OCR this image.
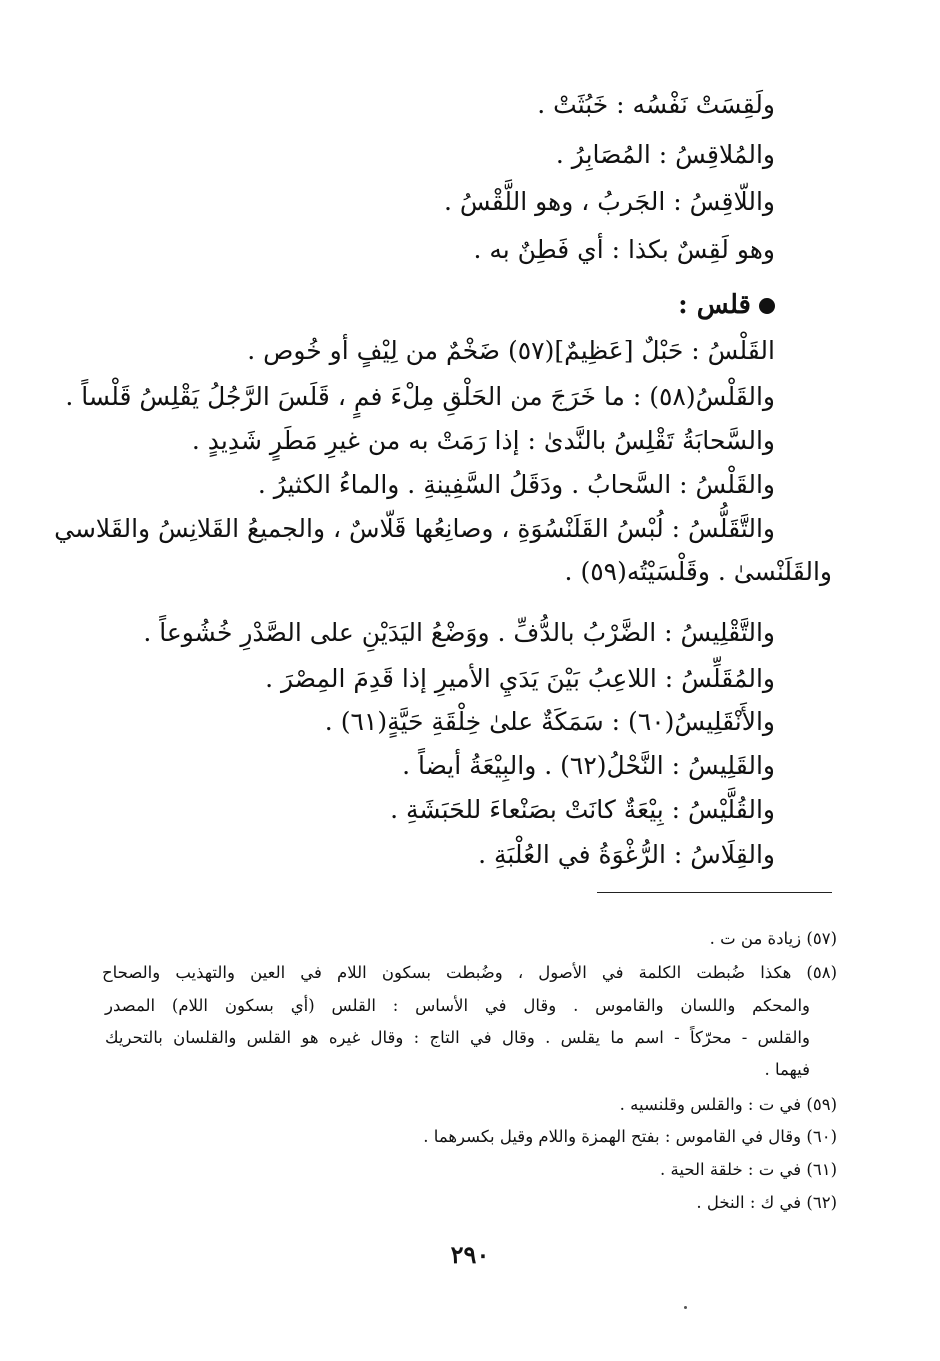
ولَقِسَتْ نَفْسُه : خَبُثَتْ .
والمُلاقِسُ : المُصَابِرُ .
واللّاقِسُ : الجَربُ ، وهو اللَّقْسُ .
وهو لَقِسٌ بكذا : أي فَطِنٌ به .
قلس :
القَلْسُ : حَبْلٌ [عَظِيمٌ](٥٧) ضَخْمٌ من لِيْفٍ أو خُوص .
والقَلْسُ(٥٨) : ما خَرَجَ من الحَلْقِ مِلْءَ فمٍ ، قَلَسَ الرَّجُلُ يَقْلِسُ قَلْساً .
والسَّحابَةُ تَقْلِسُ بالنَّدىٰ : إذا رَمَتْ به من غيرِ مَطَرٍ شَدِيدٍ .
والقَلْسُ : السَّحابُ . ودَقَلُ السَّفِينةِ . والماءُ الكثيرُ .
والتَّقَلُّسُ : لُبْسُ القَلَنْسُوَةِ ، وصانِعُها قَلّاسٌ ، والجميعُ القَلانِسُ والقَلاسي
والقَلَنْسىٰ . وقَلْسَيْتُه(٥٩) .
والتَّقْلِيسُ : الضَّرْبُ بالدُّفِّ . ووَضْعُ اليَدَيْنِ على الصَّدْرِ خُشُوعاً .
والمُقَلِّسُ : اللاعِبُ بَيْنَ يَدَيِ الأميرِ إذا قَدِمَ المِصْرَ .
والأَنْقَلِيسُ(٦٠) : سَمَكَةٌ علىٰ خِلْقَةِ حَيَّةٍ(٦١) .
والقَلِيسُ : النَّحْلُ(٦٢) . والبِيْعَةُ أيضاً .
والقُلَّيْسُ : بِيْعَةٌ كانَتْ بصَنْعاءَ للحَبَشَةِ .
والقِلَاسُ : الرُّغْوَةُ في العُلْبَةِ .
(٥٧) زيادة من ت .
(٥٨) هكذا ضُبطت الكلمة في الأصول ، وضُبطت بسكون اللام في العين والتهذيب والصحاح
والمحكم واللسان والقاموس . وقال في الأساس : القلس (أي بسكون اللام) المصدر
والقلس - محرّكاً - اسم ما يقلس . وقال في التاج : وقال غيره هو القلس والقلسان بالتحريك
فيهما .
(٥٩) في ت : والقلس وقلنسيه .
(٦٠) وقال في القاموس : بفتح الهمزة واللام وقيل بكسرهما .
(٦١) في ت : خلقة الحية .
(٦٢) في ك : النخل .
٢٩٠
